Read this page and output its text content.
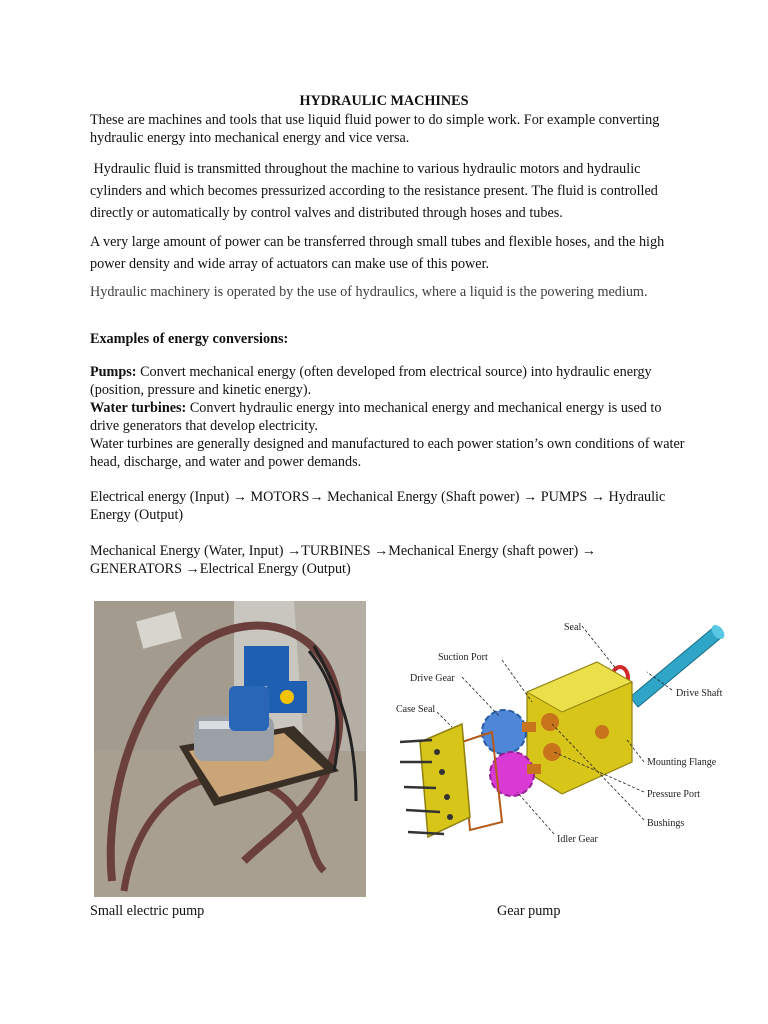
HYDRAULIC MACHINES

These are machines and tools that use liquid fluid power to do simple work. For example converting hydraulic energy into mechanical energy and vice versa.

Hydraulic fluid is transmitted throughout the machine to various hydraulic motors and hydraulic cylinders and which becomes pressurized according to the resistance present. The fluid is controlled directly or automatically by control valves and distributed through hoses and tubes.

A very large amount of power can be transferred through small tubes and flexible hoses, and the high power density and wide array of actuators can make use of this power.

Hydraulic machinery is operated by the use of hydraulics, where a liquid is the powering medium.

Examples of energy conversions:

Pumps: Convert mechanical energy (often developed from electrical source) into hydraulic energy (position, pressure and kinetic energy).

Water turbines: Convert hydraulic energy into mechanical energy and mechanical energy is used to drive generators that develop electricity.

Water turbines are generally designed and manufactured to each power station’s own conditions of water head, discharge, and water and power demands.

Electrical energy (Input) → MOTORS→ Mechanical Energy (Shaft power) → PUMPS → Hydraulic Energy (Output)

Mechanical Energy (Water, Input) →TURBINES →Mechanical Energy (shaft power) → GENERATORS →Electrical Energy (Output)

Seal
Suction Port
Drive Gear
Case Seal
Drive Shaft
Mounting Flange
Pressure Port
Bushings
Idler Gear
Small electric pump	Gear pump
